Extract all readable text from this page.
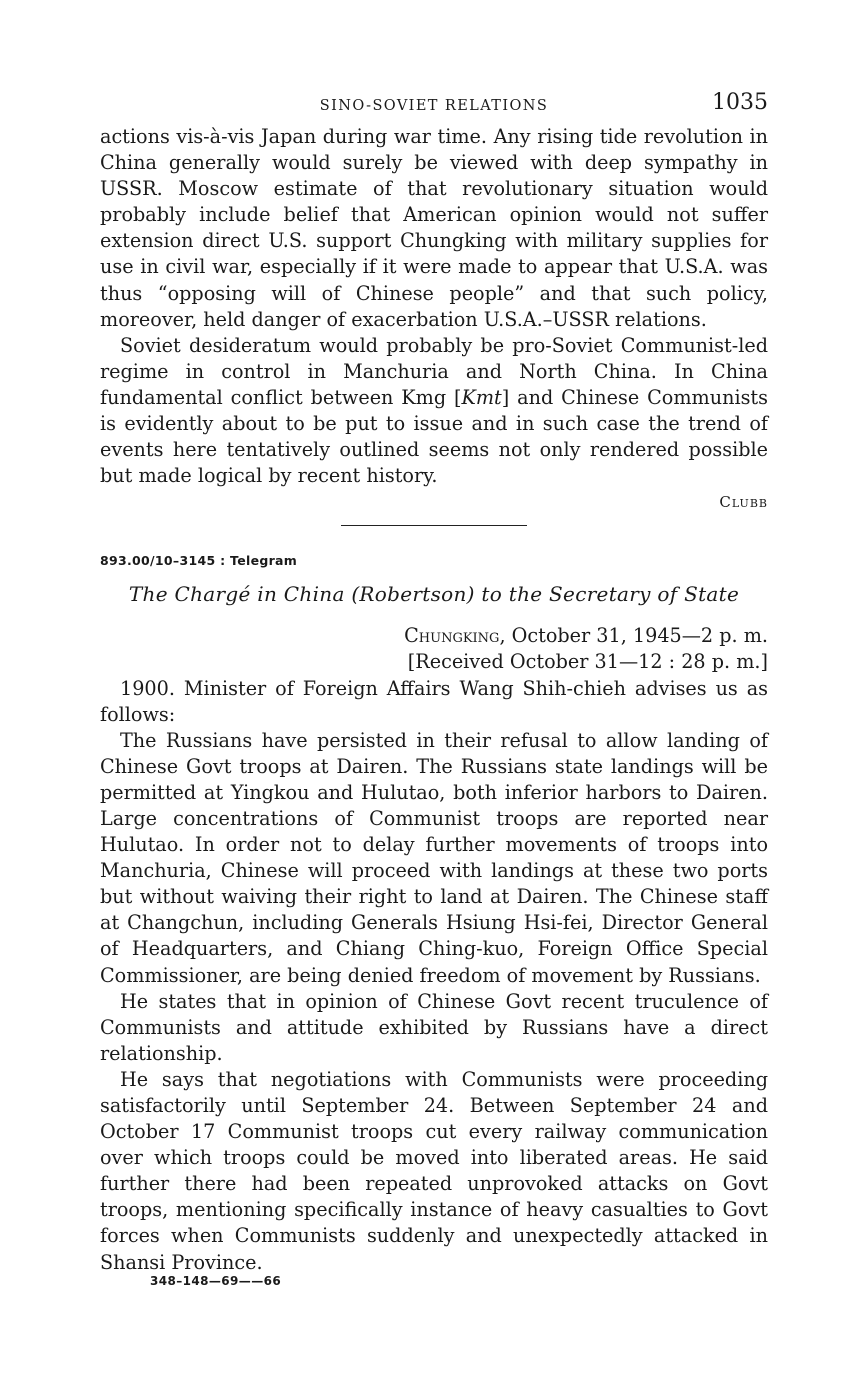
SINO-SOVIET RELATIONS	1035

actions vis-à-vis Japan during war time. Any rising tide revolution in China generally would surely be viewed with deep sympathy in USSR. Moscow estimate of that revolutionary situation would probably include belief that American opinion would not suffer extension direct U.S. support Chungking with military supplies for use in civil war, especially if it were made to appear that U.S.A. was thus “opposing will of Chinese people” and that such policy, moreover, held danger of exacerbation U.S.A.–USSR relations.

Soviet desideratum would probably be pro-Soviet Communist-led regime in control in Manchuria and North China. In China fundamental conflict between Kmg [Kmt] and Chinese Communists is evidently about to be put to issue and in such case the trend of events here tentatively outlined seems not only rendered possible but made logical by recent history.

Clubb
893.00/10–3145 : Telegram
The Chargé in China (Robertson) to the Secretary of State
Chungking, October 31, 1945—2 p. m.
[Received October 31—12 : 28 p. m.]

1900. Minister of Foreign Affairs Wang Shih-chieh advises us as follows:

The Russians have persisted in their refusal to allow landing of Chinese Govt troops at Dairen. The Russians state landings will be permitted at Yingkou and Hulutao, both inferior harbors to Dairen. Large concentrations of Communist troops are reported near Hulutao. In order not to delay further movements of troops into Manchuria, Chinese will proceed with landings at these two ports but without waiving their right to land at Dairen. The Chinese staff at Changchun, including Generals Hsiung Hsi-fei, Director General of Headquarters, and Chiang Ching-kuo, Foreign Office Special Commissioner, are being denied freedom of movement by Russians.

He states that in opinion of Chinese Govt recent truculence of Communists and attitude exhibited by Russians have a direct relationship.

He says that negotiations with Communists were proceeding satisfactorily until September 24. Between September 24 and October 17 Communist troops cut every railway communication over which troops could be moved into liberated areas. He said further there had been repeated unprovoked attacks on Govt troops, mentioning specifically instance of heavy casualties to Govt forces when Communists suddenly and unexpectedly attacked in Shansi Province.

348–148—69——66
